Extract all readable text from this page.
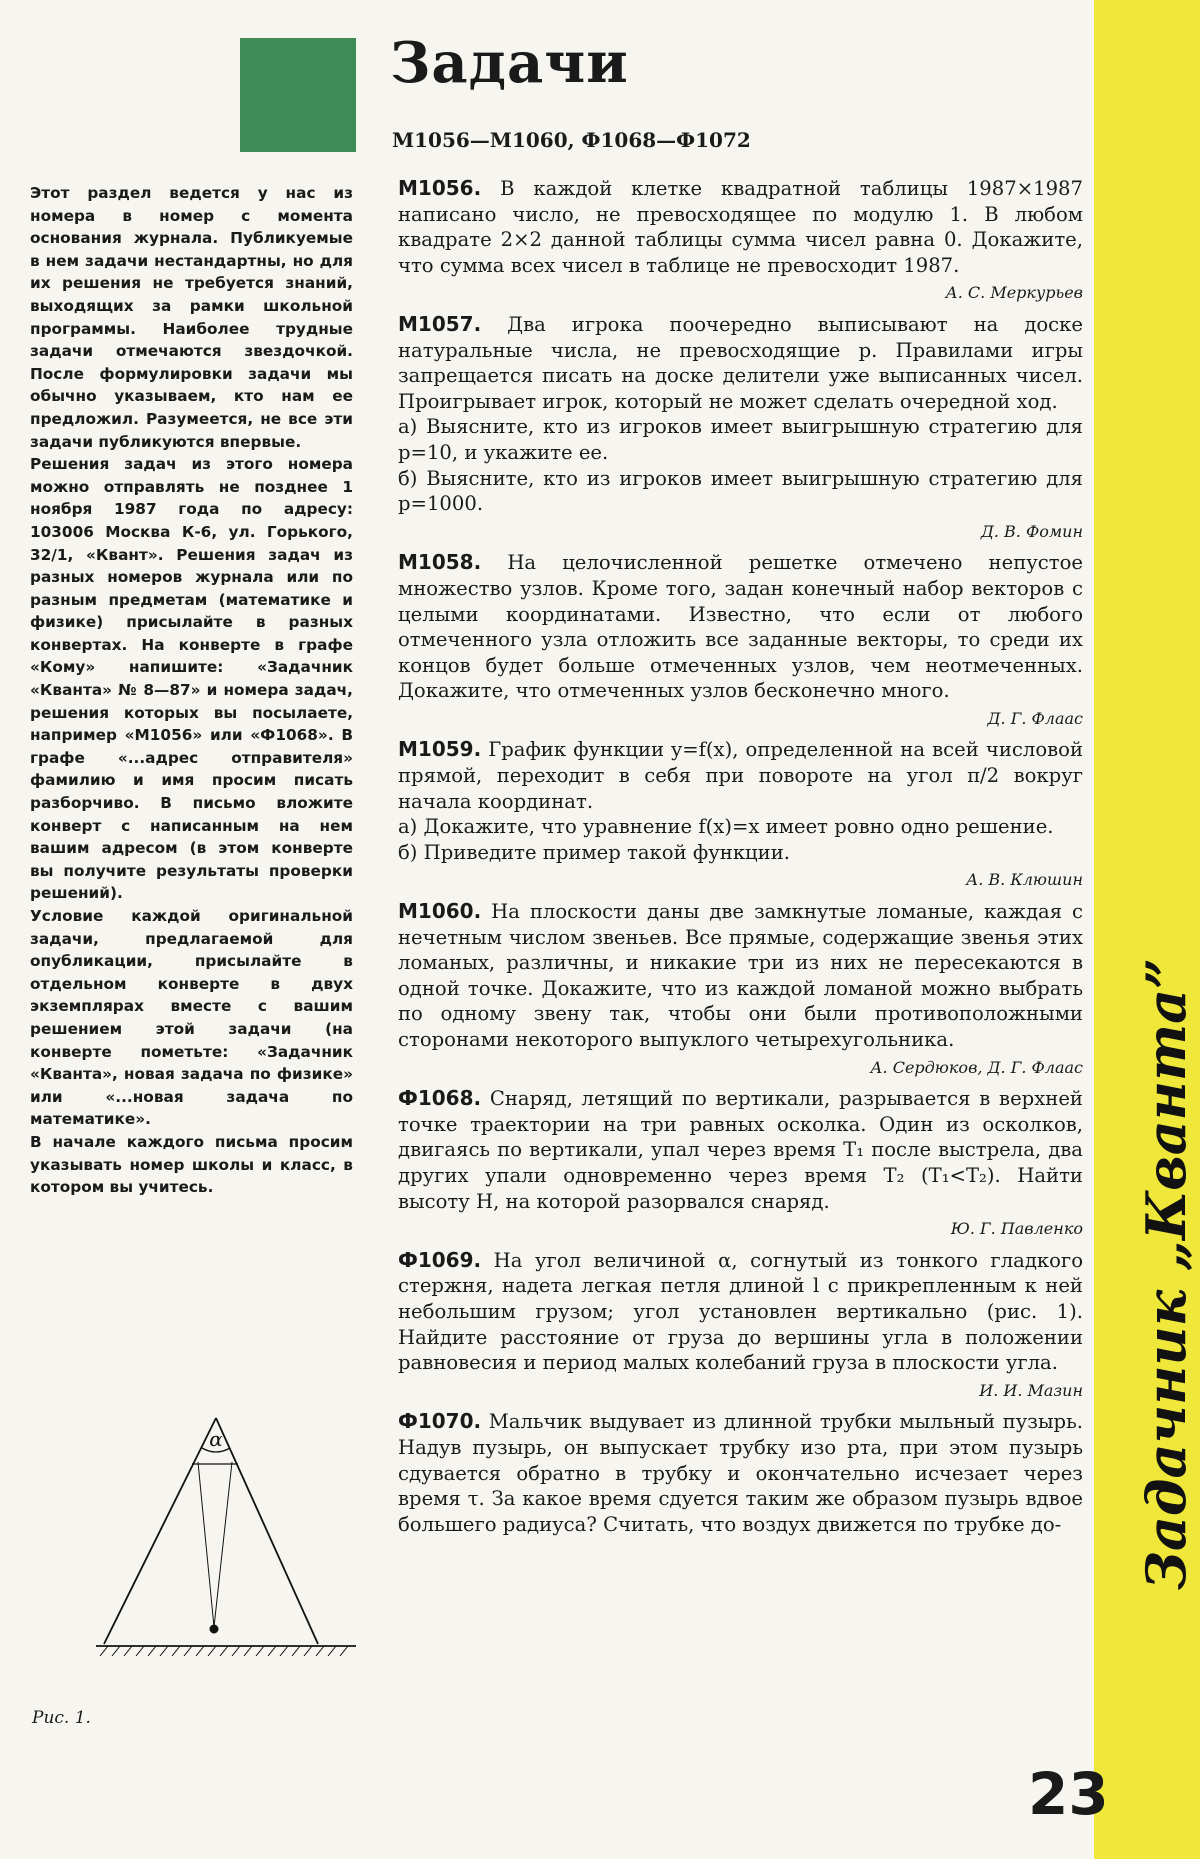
Задачи
M1056—M1060, Ф1068—Ф1072

Этот раздел ведется у нас из номера в номер с момента основания журнала. Публикуемые в нем задачи нестандартны, но для их решения не требуется знаний, выходящих за рамки школьной программы. Наиболее трудные задачи отмечаются звездочкой. После формулировки задачи мы обычно указываем, кто нам ее предложил. Разумеется, не все эти задачи публикуются впервые.

Решения задач из этого номера можно отправлять не позднее 1 ноября 1987 года по адресу: 103006 Москва К-6, ул. Горького, 32/1, «Квант». Решения задач из разных номеров журнала или по разным предметам (математике и физике) присылайте в разных конвертах. На конверте в графе «Кому» напишите: «Задачник «Кванта» № 8—87» и номера задач, решения которых вы посылаете, например «M1056» или «Ф1068». В графе «...адрес отправителя» фамилию и имя просим писать разборчиво. В письмо вложите конверт с написанным на нем вашим адресом (в этом конверте вы получите результаты проверки решений).

Условие каждой оригинальной задачи, предлагаемой для опубликации, присылайте в отдельном конверте в двух экземплярах вместе с вашим решением этой задачи (на конверте пометьте: «Задачник «Кванта», новая задача по физике» или «...новая задача по математике».

В начале каждого письма просим указывать номер школы и класс, в котором вы учитесь.

α
Рис. 1.

M1056. В каждой клетке квадратной таблицы 1987×1987 написано число, не превосходящее по модулю 1. В любом квадрате 2×2 данной таблицы сумма чисел равна 0. Докажите, что сумма всех чисел в таблице не превосходит 1987.

А. С. Меркурьев

M1057. Два игрока поочередно выписывают на доске натуральные числа, не превосходящие p. Правилами игры запрещается писать на доске делители уже выписанных чисел. Проигрывает игрок, который не может сделать очередной ход.
а) Выясните, кто из игроков имеет выигрышную стратегию для p=10, и укажите ее.
б) Выясните, кто из игроков имеет выигрышную стратегию для p=1000.

Д. В. Фомин

M1058. На целочисленной решетке отмечено непустое множество узлов. Кроме того, задан конечный набор векторов с целыми координатами. Известно, что если от любого отмеченного узла отложить все заданные векторы, то среди их концов будет больше отмеченных узлов, чем неотмеченных. Докажите, что отмеченных узлов бесконечно много.

Д. Г. Флаас

M1059. График функции y=f(x), определенной на всей числовой прямой, переходит в себя при повороте на угол π/2 вокруг начала координат.
а) Докажите, что уравнение f(x)=x имеет ровно одно решение.
б) Приведите пример такой функции.

А. В. Клюшин

M1060. На плоскости даны две замкнутые ломаные, каждая с нечетным числом звеньев. Все прямые, содержащие звенья этих ломаных, различны, и никакие три из них не пересекаются в одной точке. Докажите, что из каждой ломаной можно выбрать по одному звену так, чтобы они были противоположными сторонами некоторого выпуклого четырехугольника.

А. Сердюков, Д. Г. Флаас

Ф1068. Снаряд, летящий по вертикали, разрывается в верхней точке траектории на три равных осколка. Один из осколков, двигаясь по вертикали, упал через время T₁ после выстрела, два других упали одновременно через время T₂ (T₁<T₂). Найти высоту H, на которой разорвался снаряд.

Ю. Г. Павленко

Ф1069. На угол величиной α, согнутый из тонкого гладкого стержня, надета легкая петля длиной l с прикрепленным к ней небольшим грузом; угол установлен вертикально (рис. 1). Найдите расстояние от груза до вершины угла в положении равновесия и период малых колебаний груза в плоскости угла.

И. И. Мазин

Ф1070. Мальчик выдувает из длинной трубки мыльный пузырь. Надув пузырь, он выпускает трубку изо рта, при этом пузырь сдувается обратно в трубку и окончательно исчезает через время τ. За какое время сдуется таким же образом пузырь вдвое большего радиуса? Считать, что воздух движется по трубке до-	Задачник „Кванта”
23
